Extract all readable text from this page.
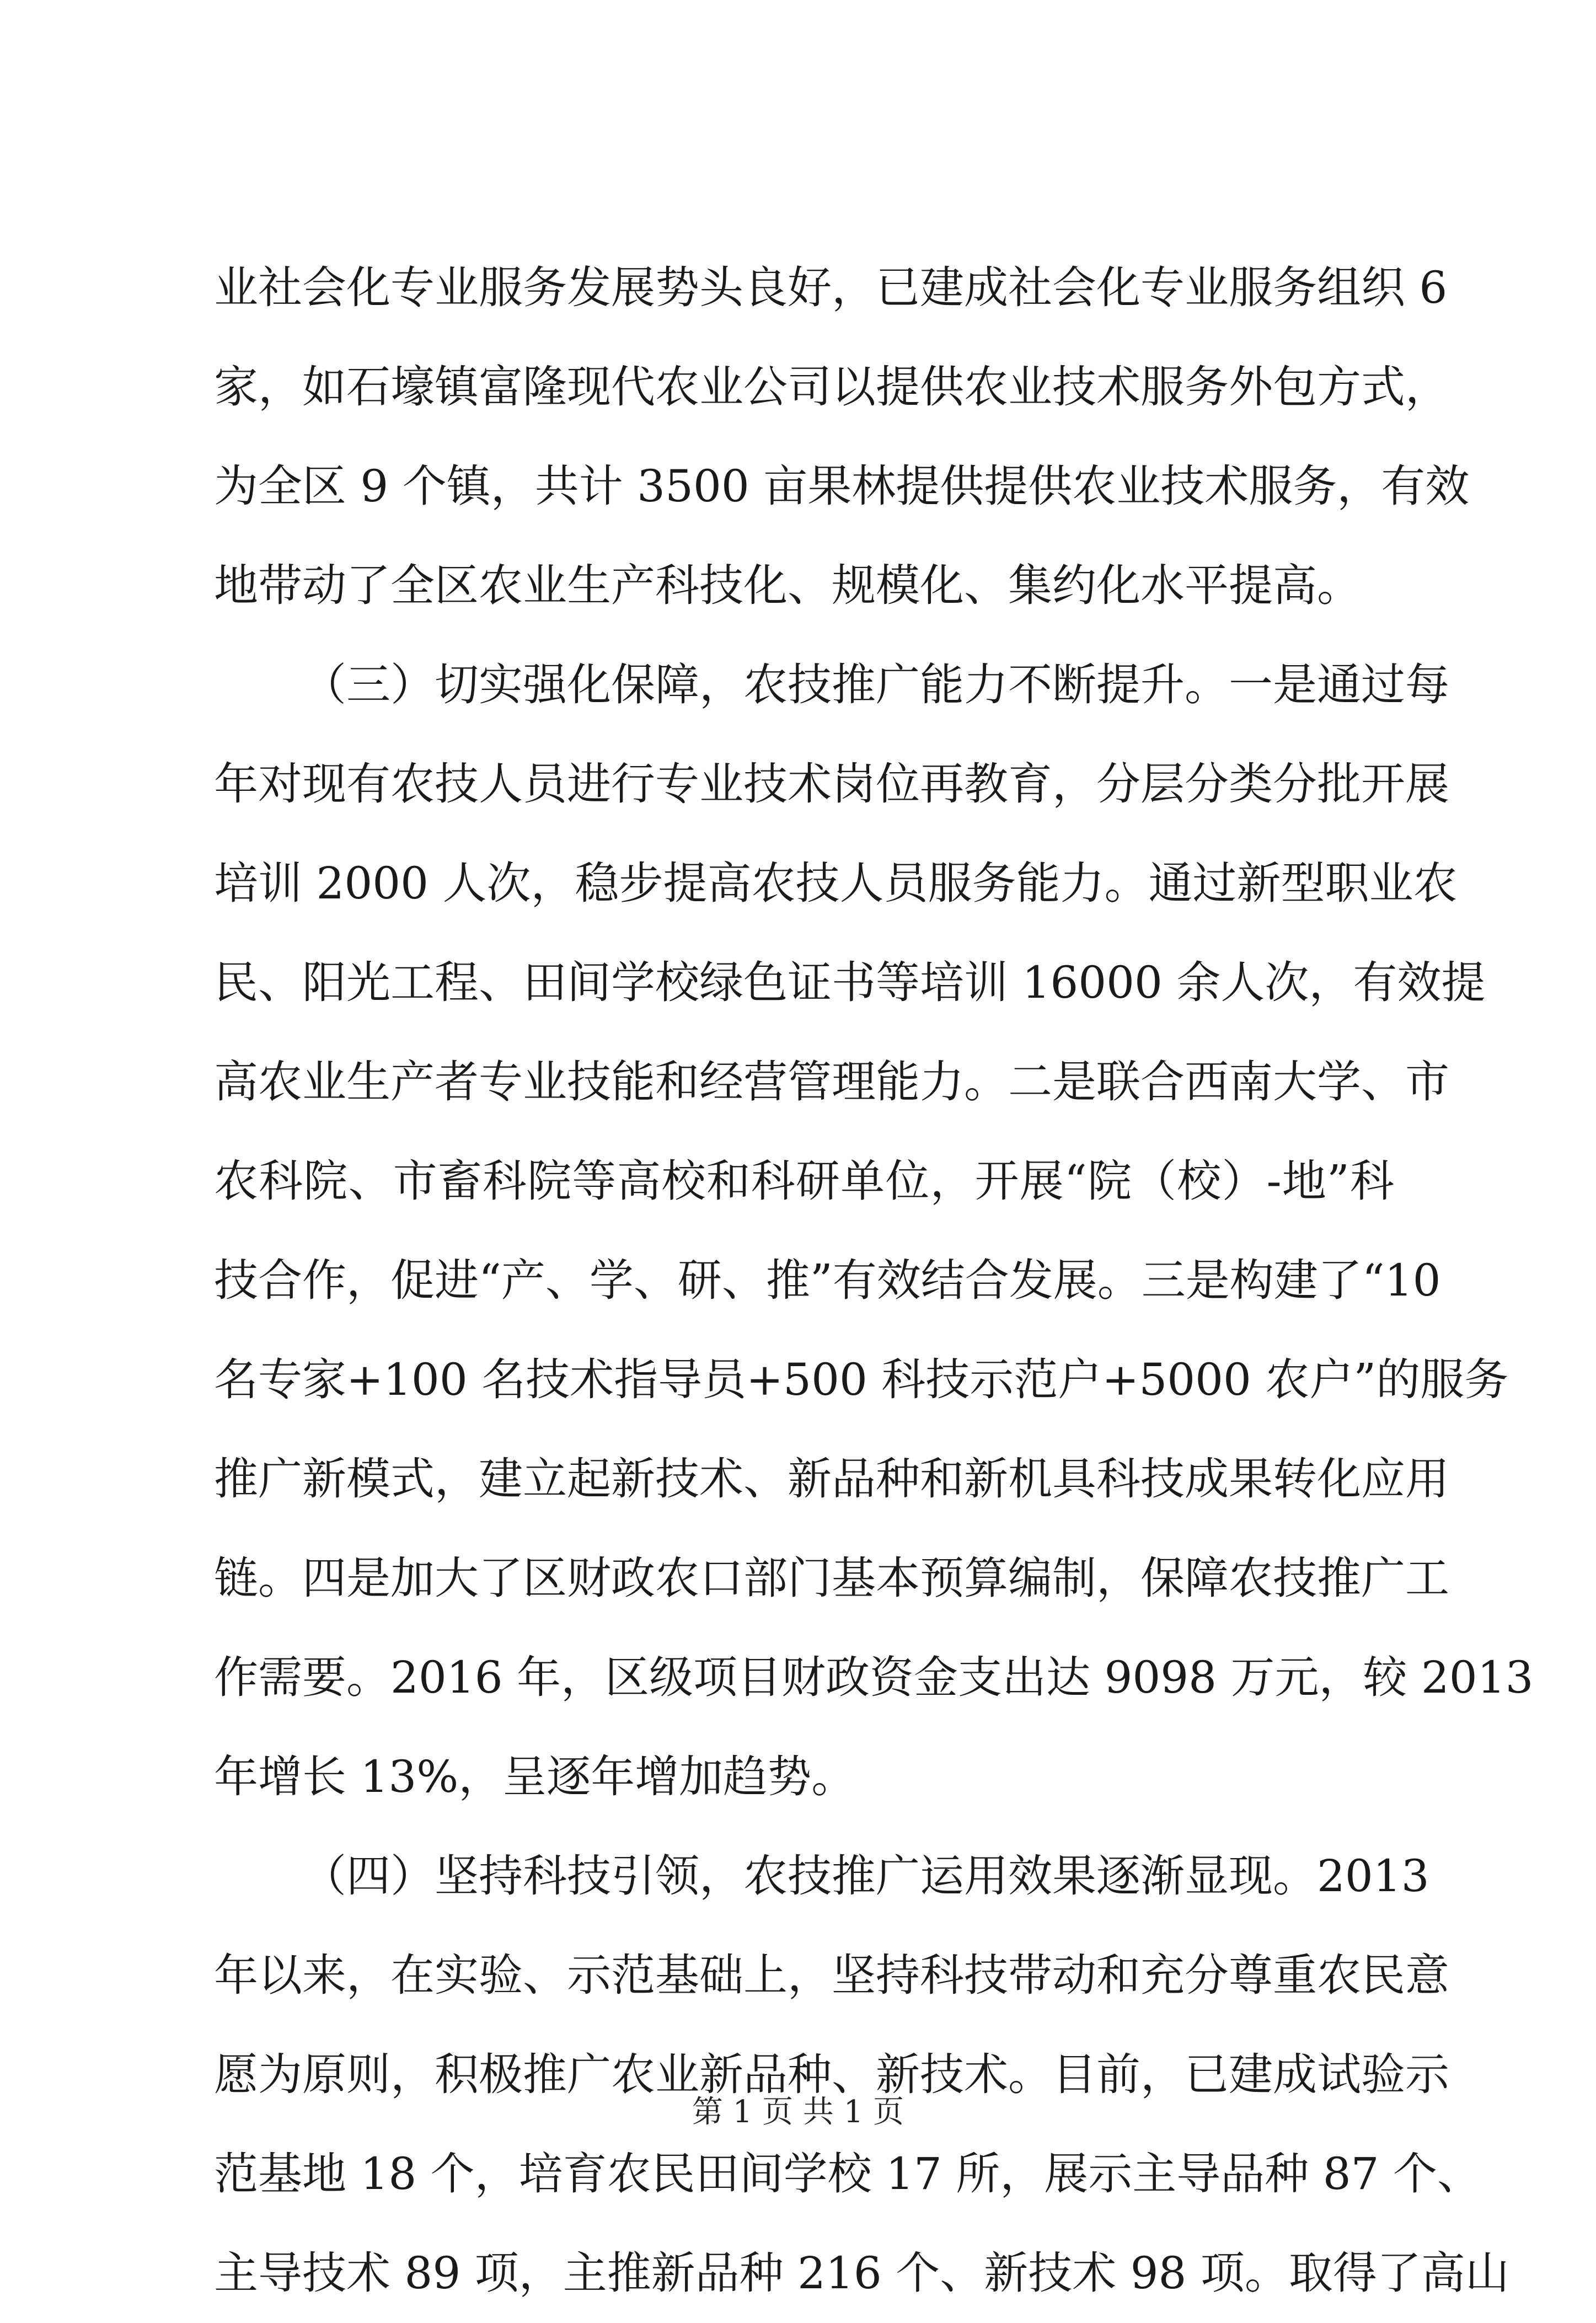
业社会化专业服务发展势头良好，已建成社会化专业服务组织 6
家，如石壕镇富隆现代农业公司以提供农业技术服务外包方式，
为全区 9 个镇，共计 3500 亩果林提供提供农业技术服务，有效
地带动了全区农业生产科技化、规模化、集约化水平提高。
（三）切实强化保障，农技推广能力不断提升。一是通过每
年对现有农技人员进行专业技术岗位再教育，分层分类分批开展
培训 2000 人次，稳步提高农技人员服务能力。通过新型职业农
民、阳光工程、田间学校绿色证书等培训 16000 余人次，有效提
高农业生产者专业技能和经营管理能力。二是联合西南大学、市
农科院、市畜科院等高校和科研单位，开展“院（校）-地”科
技合作，促进“产、学、研、推”有效结合发展。三是构建了“10
名专家+100 名技术指导员+500 科技示范户+5000 农户”的服务
推广新模式，建立起新技术、新品种和新机具科技成果转化应用
链。四是加大了区财政农口部门基本预算编制，保障农技推广工
作需要。2016 年，区级项目财政资金支出达 9098 万元，较 2013
年增长 13%，呈逐年增加趋势。
（四）坚持科技引领，农技推广运用效果逐渐显现。2013
年以来，在实验、示范基础上，坚持科技带动和充分尊重农民意
愿为原则，积极推广农业新品种、新技术。目前，已建成试验示
范基地 18 个，培育农民田间学校 17 所，展示主导品种 87 个、
主导技术 89 项，主推新品种 216 个、新技术 98 项。取得了高山
第 1 页 共 1 页
